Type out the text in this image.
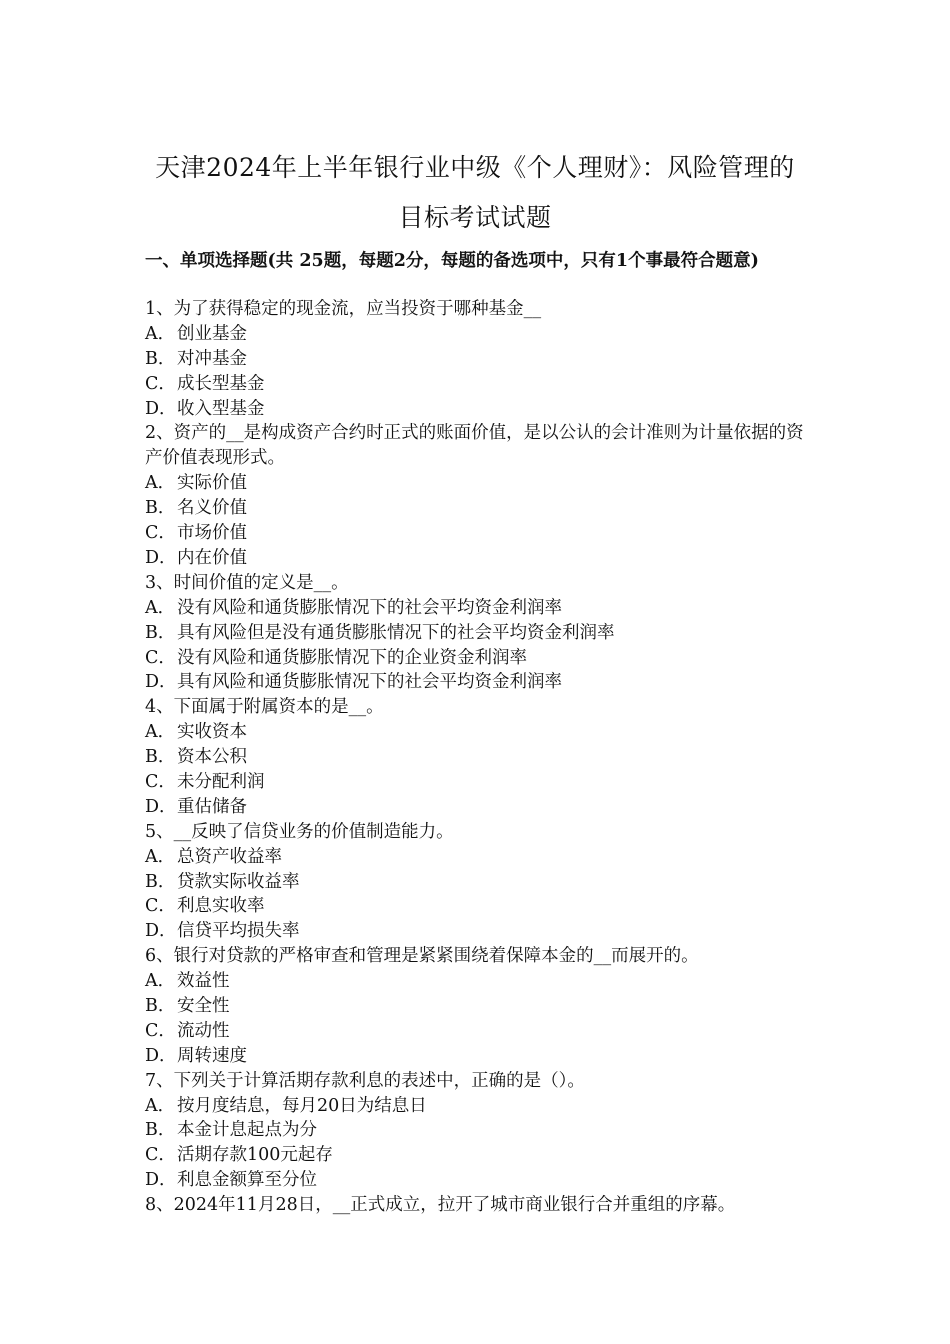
天津2024年上半年银行业中级《个人理财》：风险管理的
目标考试试题
一、单项选择题(共 25题，每题2分，每题的备选项中，只有1个事最符合题意)
1、为了获得稳定的现金流，应当投资于哪种基金__
A． 创业基金
B．对冲基金
C．成长型基金
D．收入型基金
2、资产的__是构成资产合约时正式的账面价值，是以公认的会计准则为计量依据的资产价值表现形式。
A． 实际价值
B．名义价值
C．市场价值
D．内在价值
3、时间价值的定义是__。
A． 没有风险和通货膨胀情况下的社会平均资金利润率
B．具有风险但是没有通货膨胀情况下的社会平均资金利润率
C．没有风险和通货膨胀情况下的企业资金利润率
D．具有风险和通货膨胀情况下的社会平均资金利润率
4、下面属于附属资本的是__。
A． 实收资本
B．资本公积
C．未分配利润
D．重估储备
5、__反映了信贷业务的价值制造能力。
A． 总资产收益率
B．贷款实际收益率
C．利息实收率
D．信贷平均损失率
6、银行对贷款的严格审查和管理是紧紧围绕着保障本金的__而展开的。
A． 效益性
B．安全性
C．流动性
D．周转速度
7、下列关于计算活期存款利息的表述中，正确的是（）。
A． 按月度结息，每月20日为结息日
B．本金计息起点为分
C．活期存款100元起存
D．利息金额算至分位
8、2024年11月28日，__正式成立，拉开了城市商业银行合并重组的序幕。
